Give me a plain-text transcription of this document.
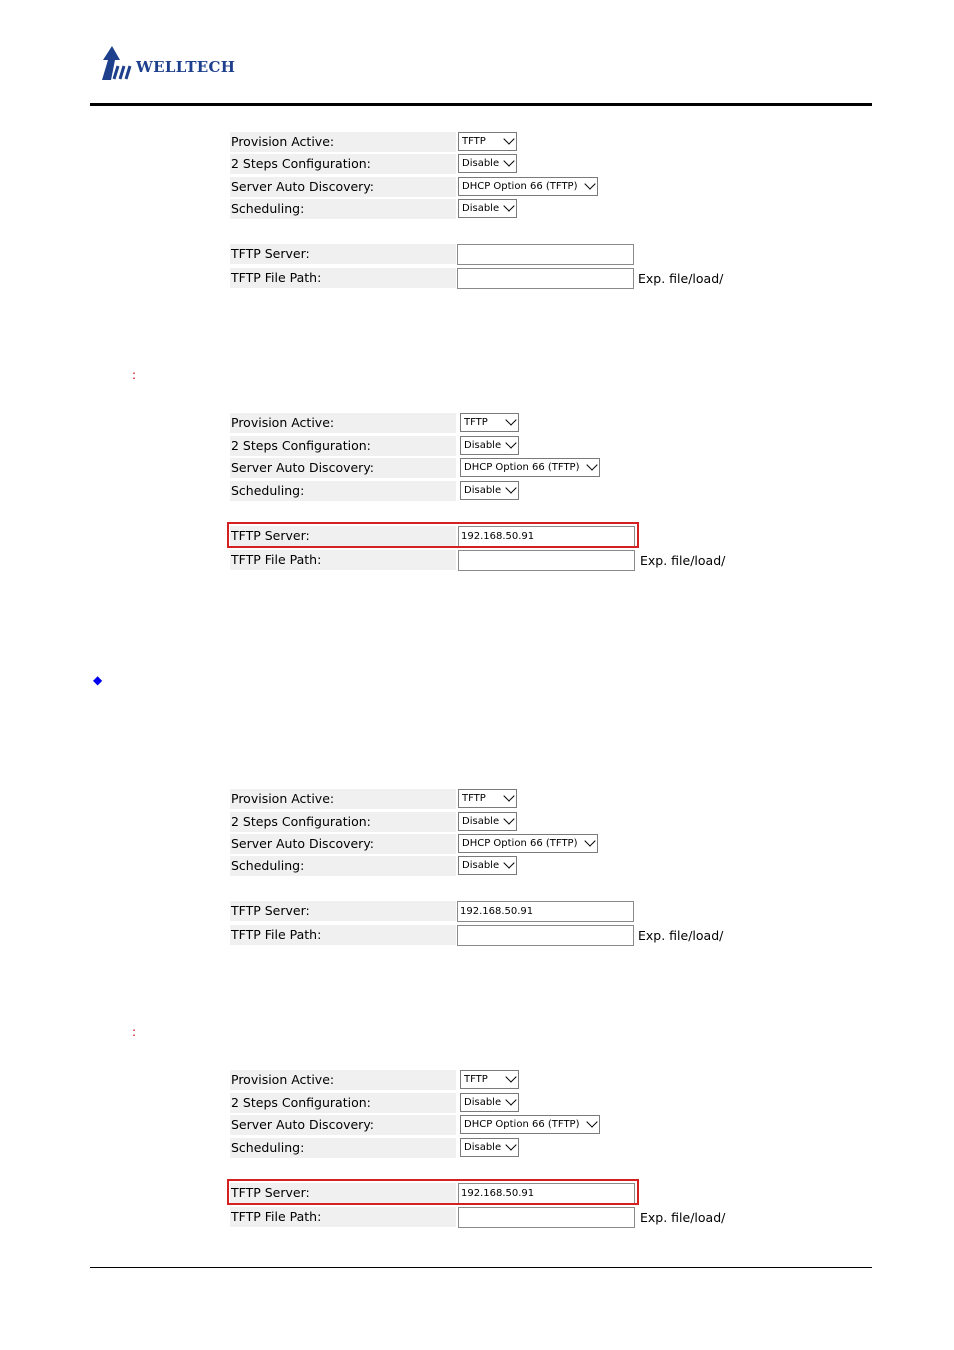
WELLTECH
Provision Active:	TFTP
2 Steps Configuration:	Disable
Server Auto Discovery:	DHCP Option 66 (TFTP)
Scheduling:	Disable
TFTP Server:
TFTP File Path:	Exp. file/load/
:
Provision Active:	TFTP
2 Steps Configuration:	Disable
Server Auto Discovery:	DHCP Option 66 (TFTP)
Scheduling:	Disable
TFTP Server:	192.168.50.91
TFTP File Path:	Exp. file/load/
◆
Provision Active:	TFTP
2 Steps Configuration:	Disable
Server Auto Discovery:	DHCP Option 66 (TFTP)
Scheduling:	Disable
TFTP Server:	192.168.50.91
TFTP File Path:	Exp. file/load/
:
Provision Active:	TFTP
2 Steps Configuration:	Disable
Server Auto Discovery:	DHCP Option 66 (TFTP)
Scheduling:	Disable
TFTP Server:	192.168.50.91
TFTP File Path:	Exp. file/load/
